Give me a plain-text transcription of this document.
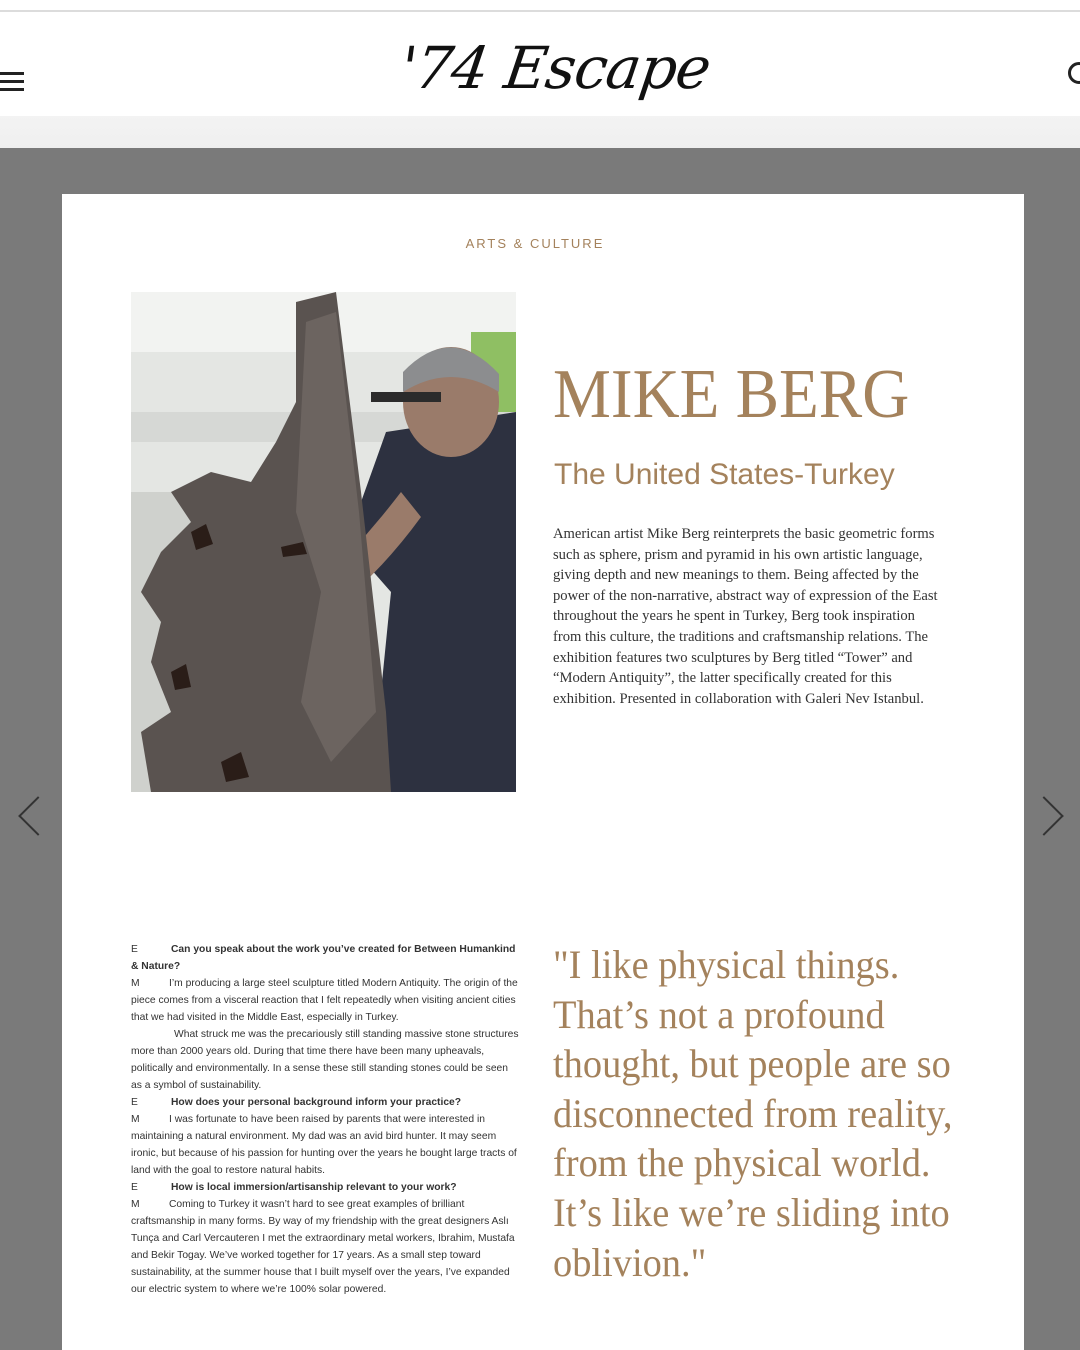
'74 Escape
ARTS & CULTURE
MIKE BERG
The United States-Turkey
American artist Mike Berg reinterprets the basic geometric forms such as sphere, prism and pyramid in his own artistic language, giving depth and new meanings to them. Being affected by the power of the non-narrative, abstract way of expression of the East throughout the years he spent in Turkey, Berg took inspiration from this culture, the traditions and craftsmanship relations. The exhibition features two sculptures by Berg titled “Tower” and “Modern Antiquity”, the latter specifically created for this exhibition. Presented in collaboration with Galeri Nev Istanbul.

E	Can you speak about the work you’ve created for Between Humankind & Nature?

M	I’m producing a large steel sculpture titled Modern Antiquity. The origin of the piece comes from a visceral reaction that I felt repeatedly when visiting ancient cities that we had visited in the Middle East, especially in Turkey.

What struck me was the precariously still standing massive stone structures more than 2000 years old. During that time there have been many upheavals, politically and environmentally. In a sense these still standing stones could be seen as a symbol of sustainability.

E	How does your personal background inform your practice?

M	I was fortunate to have been raised by parents that were interested in maintaining a natural environment. My dad was an avid bird hunter. It may seem ironic, but because of his passion for hunting over the years he bought large tracts of land with the goal to restore natural habits.

E	How is local immersion/artisanship relevant to your work?

M	Coming to Turkey it wasn’t hard to see great examples of brilliant craftsmanship in many forms. By way of my friendship with the great designers Aslı Tunça and Carl Vercauteren I met the extraordinary metal workers, Ibrahim, Mustafa and Bekir Togay. We’ve worked together for 17 years. As a small step toward sustainability, at the summer house that I built myself over the years, I’ve expanded our electric system to where we’re 100% solar powered.

"I like physical things. That’s not a profound thought, but people are so disconnected from reality, from the physical world. It’s like we’re sliding into oblivion."
